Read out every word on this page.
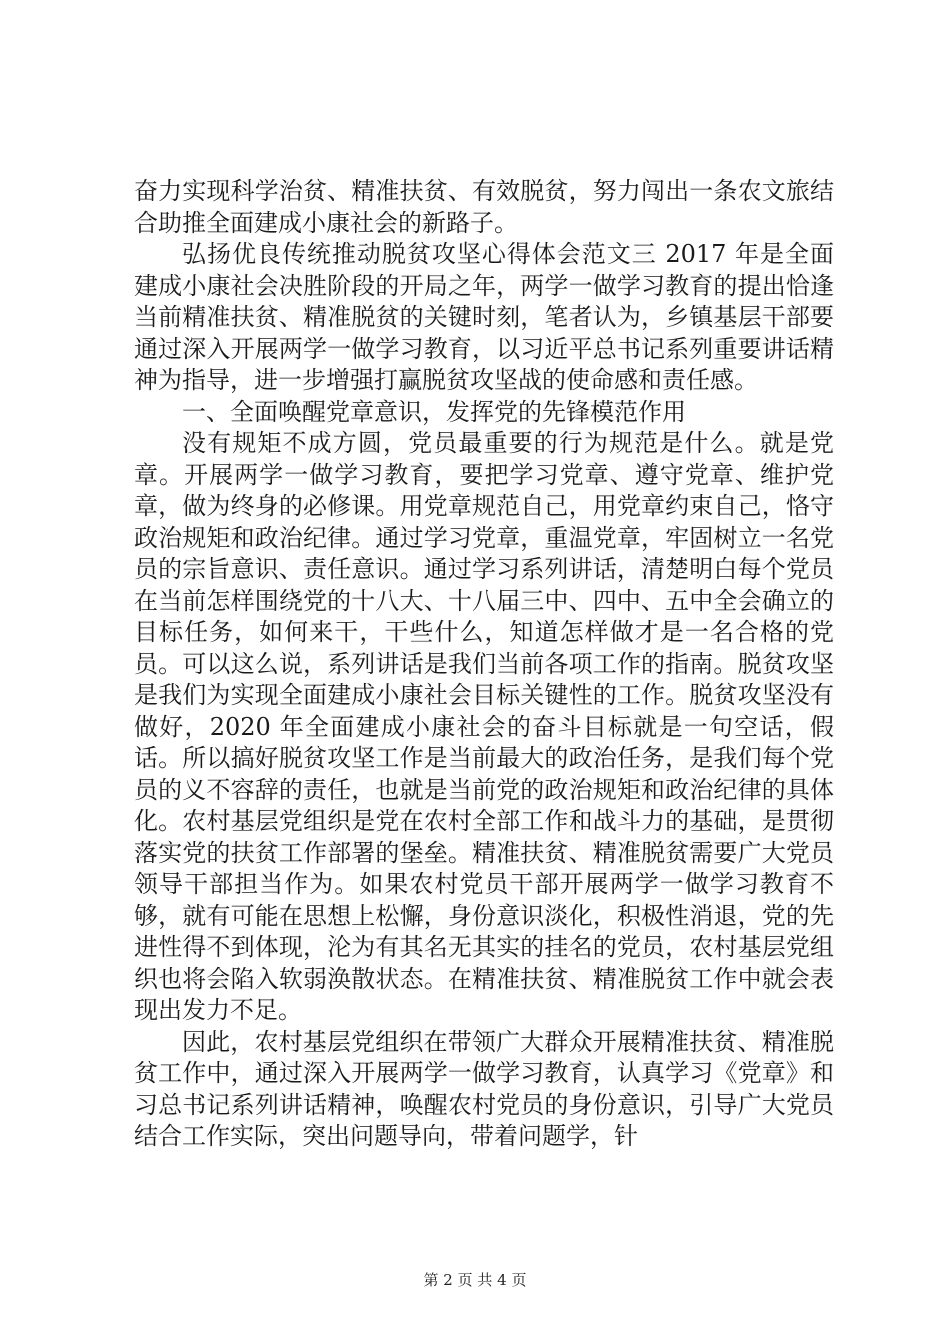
奋力实现科学治贫、精准扶贫、有效脱贫，努力闯出一条农文旅结合助推全面建成小康社会的新路子。

弘扬优良传统推动脱贫攻坚心得体会范文三 2017 年是全面建成小康社会决胜阶段的开局之年，两学一做学习教育的提出恰逢当前精准扶贫、精准脱贫的关键时刻，笔者认为，乡镇基层干部要通过深入开展两学一做学习教育，以习近平总书记系列重要讲话精神为指导，进一步增强打赢脱贫攻坚战的使命感和责任感。

一、全面唤醒党章意识，发挥党的先锋模范作用

没有规矩不成方圆，党员最重要的行为规范是什么。就是党章。开展两学一做学习教育，要把学习党章、遵守党章、维护党章，做为终身的必修课。用党章规范自己，用党章约束自己，恪守政治规矩和政治纪律。通过学习党章，重温党章，牢固树立一名党员的宗旨意识、责任意识。通过学习系列讲话，清楚明白每个党员在当前怎样围绕党的十八大、十八届三中、四中、五中全会确立的目标任务，如何来干，干些什么，知道怎样做才是一名合格的党员。可以这么说，系列讲话是我们当前各项工作的指南。脱贫攻坚是我们为实现全面建成小康社会目标关键性的工作。脱贫攻坚没有做好，2020 年全面建成小康社会的奋斗目标就是一句空话，假话。所以搞好脱贫攻坚工作是当前最大的政治任务，是我们每个党员的义不容辞的责任，也就是当前党的政治规矩和政治纪律的具体化。农村基层党组织是党在农村全部工作和战斗力的基础，是贯彻落实党的扶贫工作部署的堡垒。精准扶贫、精准脱贫需要广大党员领导干部担当作为。如果农村党员干部开展两学一做学习教育不够，就有可能在思想上松懈，身份意识淡化，积极性消退，党的先进性得不到体现，沦为有其名无其实的挂名的党员，农村基层党组织也将会陷入软弱涣散状态。在精准扶贫、精准脱贫工作中就会表现出发力不足。

因此，农村基层党组织在带领广大群众开展精准扶贫、精准脱贫工作中，通过深入开展两学一做学习教育，认真学习《党章》和习总书记系列讲话精神，唤醒农村党员的身份意识，引导广大党员结合工作实际，突出问题导向，带着问题学，针

第 2 页 共 4 页
